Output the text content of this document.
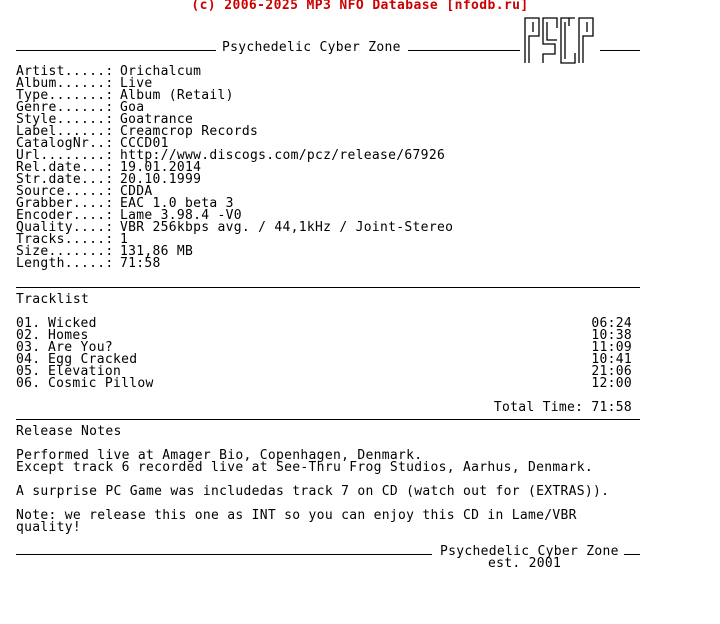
(c) 2006-2025 MP3 NFO Database [nfodb.ru]
Psychedelic Cyber Zone
Artist.....: Orichalcum
Album......: Live
Type.......: Album (Retail)
Genre......: Goa
Style......: Goatrance
Label......: Creamcrop Records
CatalogNr..: CCCD01
Url........: http://www.discogs.com/pcz/release/67926
Rel.date...: 19.01.2014
Str.date...: 20.10.1999
Source.....: CDDA
Grabber....: EAC 1.0 beta 3
Encoder....: Lame 3.98.4 -V0
Quality....: VBR 256kbps avg. / 44,1kHz / Joint-Stereo
Tracks.....: 1
Size.......: 131,86 MB
Length.....: 71:58
Tracklist
01. Wicked	06:24
02. Homes	10:38
03. Are You?	11:09
04. Egg Cracked	10:41
05. Elevation	21:06
06. Cosmic Pillow	12:00
Total Time: 71:58
Release Notes
Performed live at Amager Bio, Copenhagen, Denmark.
Except track 6 recorded live at See-Thru Frog Studios, Aarhus, Denmark.
A surprise PC Game was includedas track 7 on CD (watch out for (EXTRAS)).
Note: we release this one as INT so you can enjoy this CD in Lame/VBR
quality!
Psychedelic Cyber Zone
est. 2001
